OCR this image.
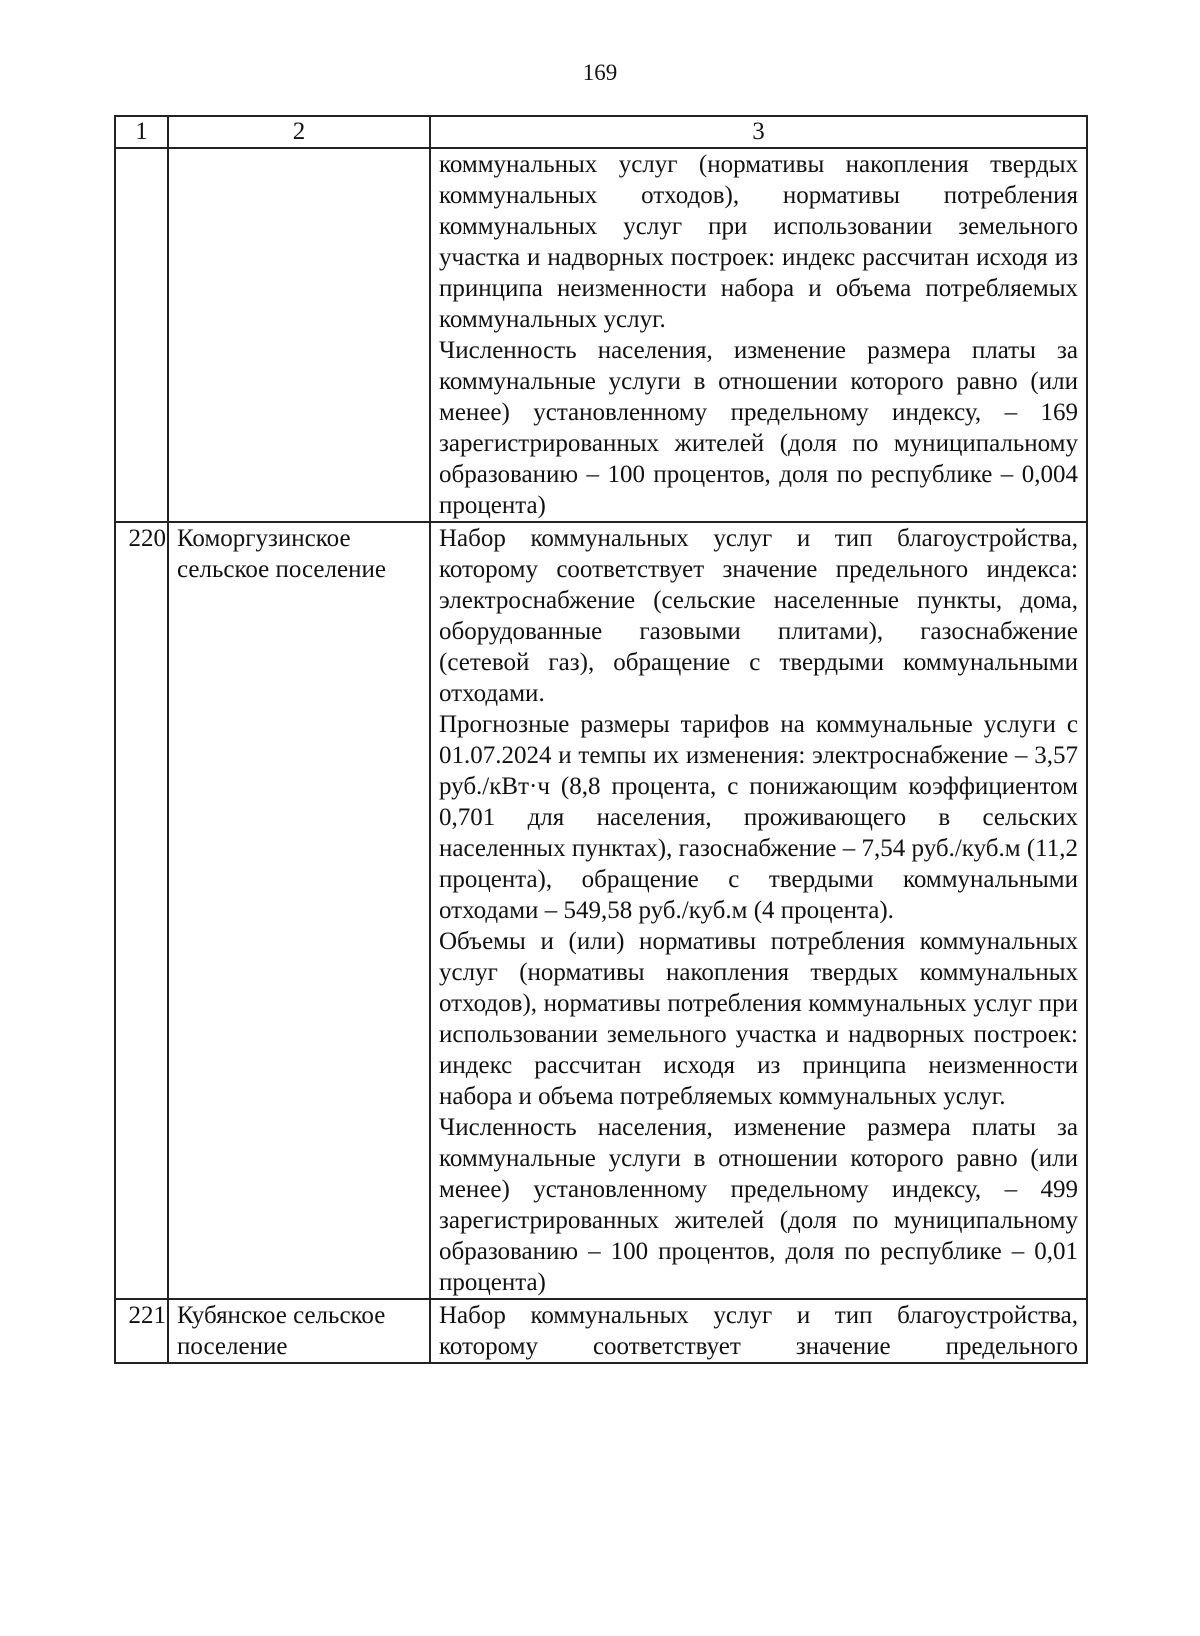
169
1	2	3

		коммунальных услуг (нормативы накопления твердых коммунальных отходов), нормативы потребления коммунальных услуг при использовании земельного участка и надворных построек: индекс рассчитан исходя из принципа неизменности набора и объема потребляемых коммунальных услуг.

Численность населения, изменение размера платы за коммунальные услуги в отношении которого равно (или менее) установленному предельному индексу, – 169 зарегистрированных жителей (доля по муниципальному образованию – 100 процентов, доля по республике – 0,004 процента)

220	Коморгузинское сельское поселение	Набор коммунальных услуг и тип благоустройства, которому соответствует значение предельного индекса: электроснабжение (сельские населенные пункты, дома, оборудованные газовыми плитами), газоснабжение (сетевой газ), обращение с твердыми коммунальными отходами.

Прогнозные размеры тарифов на коммунальные услуги с 01.07.2024 и темпы их изменения: электроснабжение – 3,57 руб./кВт·ч (8,8 процента, с понижающим коэффициентом 0,701 для населения, проживающего в сельских населенных пунктах), газоснабжение – 7,54 руб./куб.м (11,2 процента), обращение с твердыми коммунальными отходами – 549,58 руб./куб.м (4 процента).

Объемы и (или) нормативы потребления коммунальных услуг (нормативы накопления твердых коммунальных отходов), нормативы потребления коммунальных услуг при использовании земельного участка и надворных построек: индекс рассчитан исходя из принципа неизменности набора и объема потребляемых коммунальных услуг.

Численность населения, изменение размера платы за коммунальные услуги в отношении которого равно (или менее) установленному предельному индексу, – 499 зарегистрированных жителей (доля по муниципальному образованию – 100 процентов, доля по республике – 0,01 процента)

221	Кубянское сельское поселение	Набор коммунальных услуг и тип благоустройства, которому соответствует значение предельного
